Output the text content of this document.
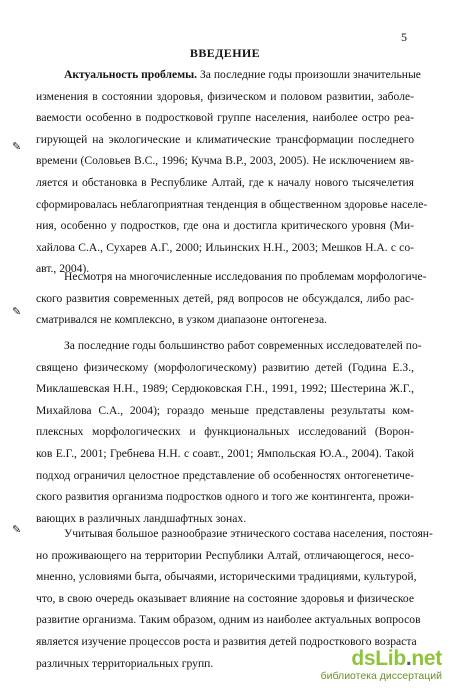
5
ВВЕДЕНИЕ
✎
✎
✎
Актуальность проблемы. За последние годы произошли значительные
изменения в состоянии здоровья, физическом и половом развитии, заболе-
ваемости особенно в подростковой группе населения, наиболее остро реа-
гирующей на экологические и климатические трансформации последнего
времени (Соловьев В.С., 1996; Кучма В.Р., 2003, 2005). Не исключением яв-
ляется и обстановка в Республике Алтай, где к началу нового тысячелетия
сформировалась неблагоприятная тенденция в общественном здоровье населе-
ния, особенно у подростков, где она и достигла критического уровня (Ми-
хайлова С.А., Сухарев А.Г., 2000; Ильинских Н.Н., 2003; Мешков Н.А. с со-
авт., 2004).
Несмотря на многочисленные исследования по проблемам морфологиче-
ского развития современных детей, ряд вопросов не обсуждался, либо рас-
сматривался не комплексно, в узком диапазоне онтогенеза.
За последние годы большинство работ современных исследователей по-
священо физическому (морфологическому) развитию детей (Година Е.З.,
Миклашевская Н.Н., 1989; Сердюковская Г.Н., 1991, 1992; Шестерина Ж.Г.,
Михайлова С.А., 2004); гораздо меньше представлены результаты ком-
плексных морфологических и функциональных исследований (Ворон-
ков Е.Г., 2001; Гребнева Н.Н. с соавт., 2001; Ямпольская Ю.А., 2004). Такой
подход ограничил целостное представление об особенностях онтогенетиче-
ского развития организма подростков одного и того же контингента, прожи-
вающих в различных ландшафтных зонах.
Учитывая большое разнообразие этнического состава населения, постоян-
но проживающего на территории Республики Алтай, отличающегося, несо-
мненно, условиями быта, обычаями, историческими традициями, культурой,
что, в свою очередь оказывает влияние на состояние здоровья и физическое
развитие организма. Таким образом, одним из наиболее актуальных вопросов
является изучение процессов роста и развития детей подросткового возраста
различных территориальных групп.	dsLib.net
библиотека диссертаций
